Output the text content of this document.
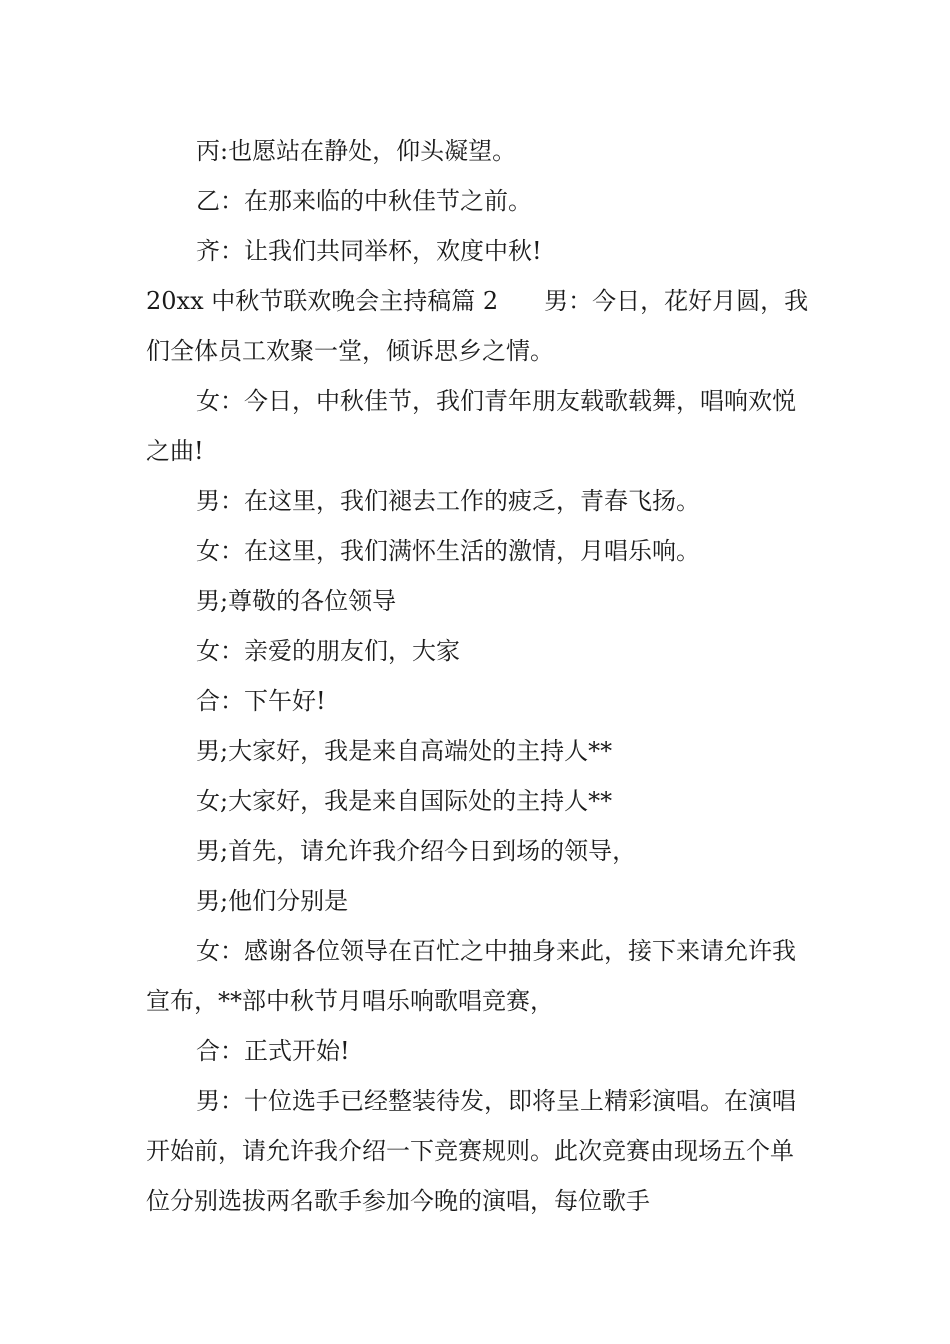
丙:也愿站在静处，仰头凝望。

乙：在那来临的中秋佳节之前。

齐：让我们共同举杯，欢度中秋!

20xx 中秋节联欢晚会主持稿篇 2 男：今日，花好月圆，我们全体员工欢聚一堂，倾诉思乡之情。

女：今日，中秋佳节，我们青年朋友载歌载舞，唱响欢悦之曲!

男：在这里，我们褪去工作的疲乏，青春飞扬。

女：在这里，我们满怀生活的激情，月唱乐响。

男;尊敬的各位领导

女：亲爱的朋友们，大家

合：下午好!

男;大家好，我是来自高端处的主持人**

女;大家好，我是来自国际处的主持人**

男;首先，请允许我介绍今日到场的领导，

男;他们分别是

女：感谢各位领导在百忙之中抽身来此，接下来请允许我宣布，**部中秋节月唱乐响歌唱竞赛，

合：正式开始!

男：十位选手已经整装待发，即将呈上精彩演唱。在演唱开始前，请允许我介绍一下竞赛规则。此次竞赛由现场五个单位分别选拔两名歌手参加今晚的演唱，每位歌手
